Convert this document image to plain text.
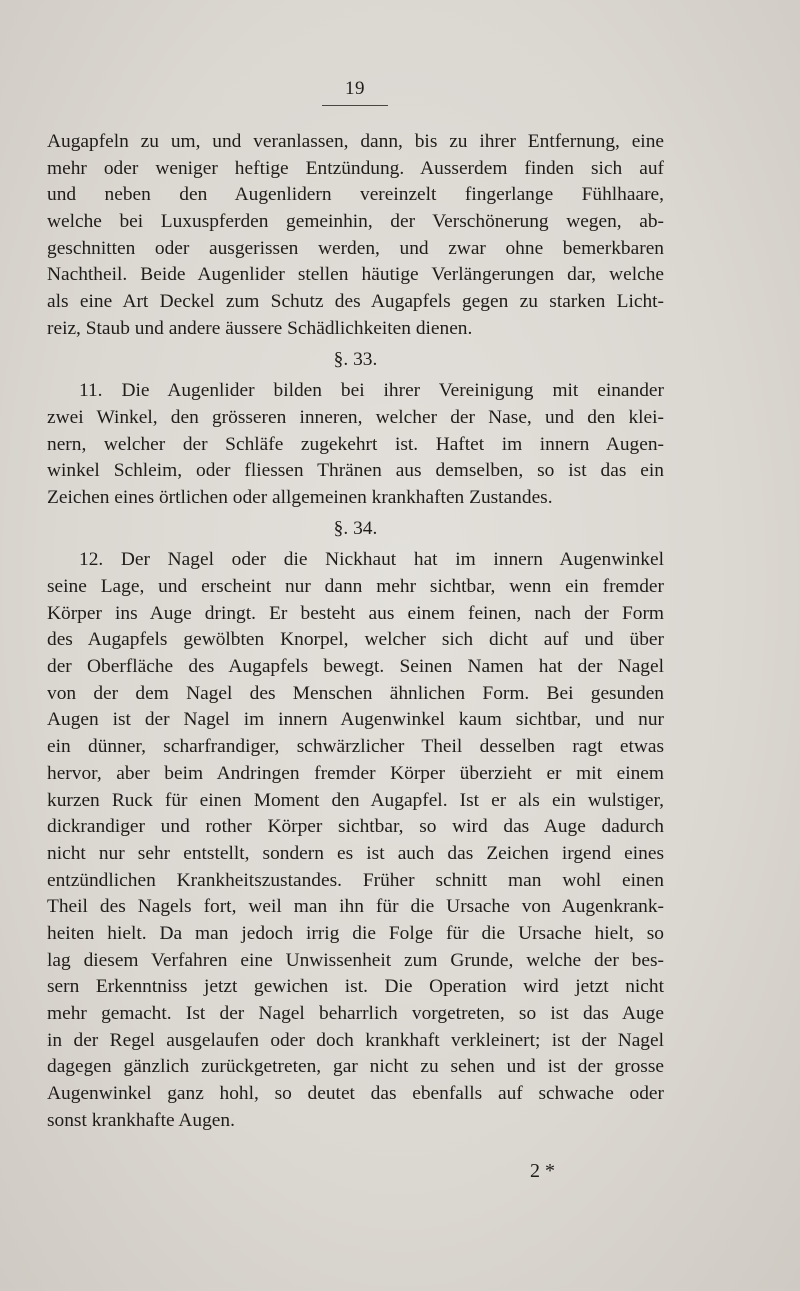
19
Augapfeln zu um, und veranlassen, dann, bis zu ihrer Entfernung, eine
mehr oder weniger heftige Entzündung. Ausserdem finden sich auf
und neben den Augenlidern vereinzelt fingerlange Fühlhaare,
welche bei Luxuspferden gemeinhin, der Verschönerung wegen, ab-
geschnitten oder ausgerissen werden, und zwar ohne bemerkbaren
Nachtheil. Beide Augenlider stellen häutige Verlängerungen dar, welche
als eine Art Deckel zum Schutz des Augapfels gegen zu starken Licht-
reiz, Staub und andere äussere Schädlichkeiten dienen.
§. 33.
11. Die Augenlider bilden bei ihrer Vereinigung mit einander
zwei Winkel, den grösseren inneren, welcher der Nase, und den klei-
nern, welcher der Schläfe zugekehrt ist. Haftet im innern Augen-
winkel Schleim, oder fliessen Thränen aus demselben, so ist das ein
Zeichen eines örtlichen oder allgemeinen krankhaften Zustandes.
§. 34.
12. Der Nagel oder die Nickhaut hat im innern Augenwinkel
seine Lage, und erscheint nur dann mehr sichtbar, wenn ein fremder
Körper ins Auge dringt. Er besteht aus einem feinen, nach der Form
des Augapfels gewölbten Knorpel, welcher sich dicht auf und über
der Oberfläche des Augapfels bewegt. Seinen Namen hat der Nagel
von der dem Nagel des Menschen ähnlichen Form. Bei gesunden
Augen ist der Nagel im innern Augenwinkel kaum sichtbar, und nur
ein dünner, scharfrandiger, schwärzlicher Theil desselben ragt etwas
hervor, aber beim Andringen fremder Körper überzieht er mit einem
kurzen Ruck für einen Moment den Augapfel. Ist er als ein wulstiger,
dickrandiger und rother Körper sichtbar, so wird das Auge dadurch
nicht nur sehr entstellt, sondern es ist auch das Zeichen irgend eines
entzündlichen Krankheitszustandes. Früher schnitt man wohl einen
Theil des Nagels fort, weil man ihn für die Ursache von Augenkrank-
heiten hielt. Da man jedoch irrig die Folge für die Ursache hielt, so
lag diesem Verfahren eine Unwissenheit zum Grunde, welche der bes-
sern Erkenntniss jetzt gewichen ist. Die Operation wird jetzt nicht
mehr gemacht. Ist der Nagel beharrlich vorgetreten, so ist das Auge
in der Regel ausgelaufen oder doch krankhaft verkleinert; ist der Nagel
dagegen gänzlich zurückgetreten, gar nicht zu sehen und ist der grosse
Augenwinkel ganz hohl, so deutet das ebenfalls auf schwache oder
sonst krankhafte Augen.
2 *
